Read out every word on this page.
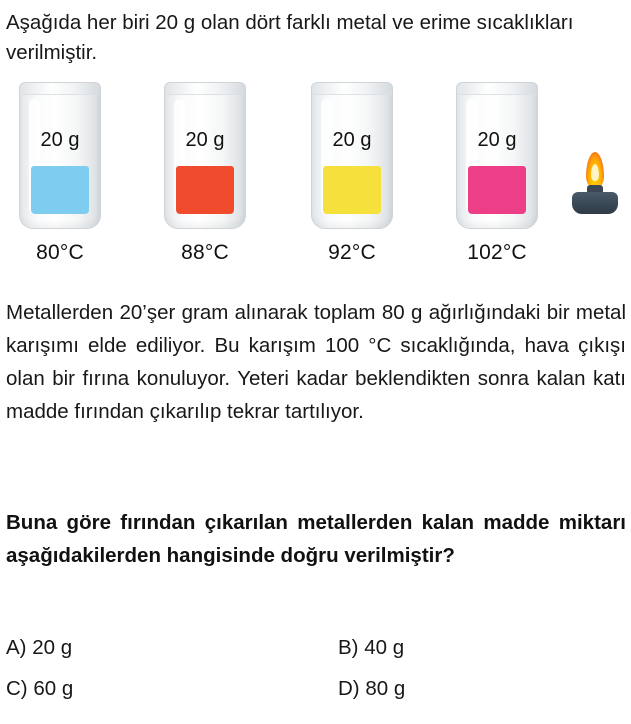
Aşağıda her biri 20 g olan dört farklı metal ve erime sıcaklıkları verilmiştir.
20 g
80°C
20 g
88°C
20 g
92°C
20 g
102°C
Metallerden 20’şer gram alınarak toplam 80 g ağırlığındaki bir metal karışımı elde ediliyor. Bu karışım 100 °C sıcaklığında, hava çıkışı olan bir fırına konuluyor. Yeteri kadar beklendikten sonra kalan katı madde fırından çıkarılıp tekrar tartılıyor.
Buna göre fırından çıkarılan metallerden kalan madde miktarı aşağıdakilerden hangisinde doğru verilmiştir?
A) 20 g	B) 40 g
C) 60 g	D) 80 g
